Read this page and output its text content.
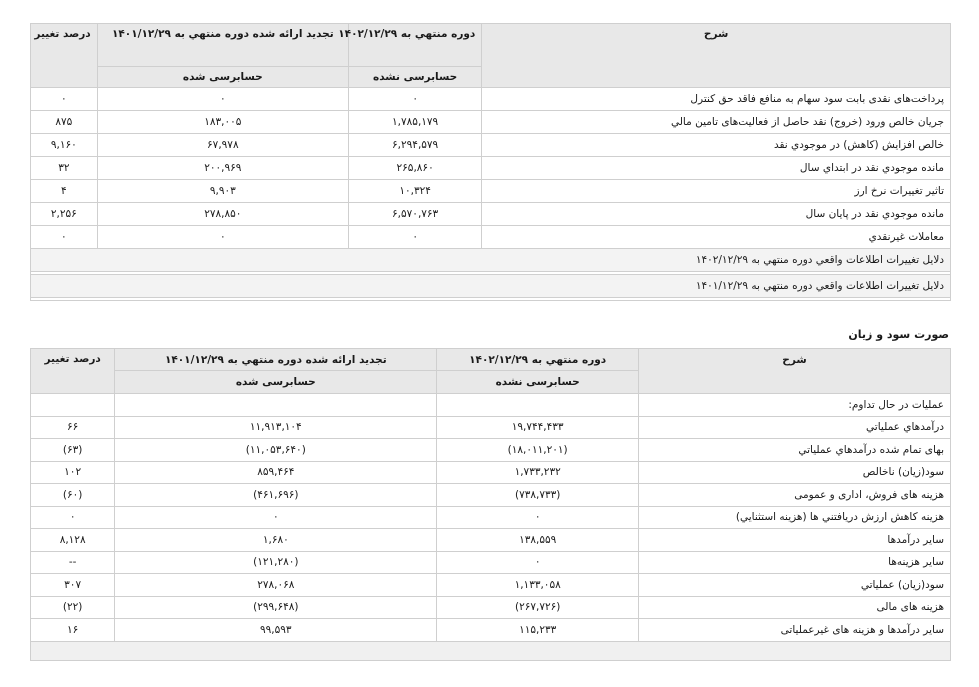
شرح	دوره منتهي به ۱۴۰۲/۱۲/۲۹	تجديد ارائه شده دوره منتهي به ۱۴۰۱/۱۲/۲۹	درصد تغيير
	حسابرسی نشده	حسابرسی شده	
پرداخت‌های نقدی بابت سود سهام به منافع فاقد حق کنترل	۰	۰	۰
جريان خالص ورود (خروج) نقد حاصل از فعاليت‌های تامين مالي	۱,۷۸۵,۱۷۹	۱۸۳,۰۰۵	۸۷۵
خالص افزايش (کاهش) در موجودي نقد	۶,۲۹۴,۵۷۹	۶۷,۹۷۸	۹,۱۶۰
مانده موجودي نقد در ابتداي سال	۲۶۵,۸۶۰	۲۰۰,۹۶۹	۳۲
تاثير تغييرات نرخ ارز	۱۰,۳۲۴	۹,۹۰۳	۴
مانده موجودي نقد در پايان سال	۶,۵۷۰,۷۶۳	۲۷۸,۸۵۰	۲,۲۵۶
معاملات غيرنقدي	۰	۰	۰
دلايل تغييرات اطلاعات واقعي دوره منتهي به ۱۴۰۲/۱۲/۲۹			

دلايل تغييرات اطلاعات واقعي دوره منتهي به ۱۴۰۱/۱۲/۲۹			

صورت سود و زیان
شرح	دوره منتهي به ۱۴۰۲/۱۲/۲۹	تجديد ارائه شده دوره منتهي به ۱۴۰۱/۱۲/۲۹	درصد تغيير
	حسابرسی نشده	حسابرسی شده	
عمليات در حال تداوم:			
درآمدهاي عملياتي	۱۹,۷۴۴,۴۳۳	۱۱,۹۱۳,۱۰۴	۶۶
بهاى تمام شده درآمدهاي عملياتي	(۱۸,۰۱۱,۲۰۱)	(۱۱,۰۵۳,۶۴۰)	(۶۳)
سود(زيان) ناخالص	۱,۷۳۳,۲۳۲	۸۵۹,۴۶۴	۱۰۲
هزينه هاى فروش، ادارى و عمومى	(۷۳۸,۷۳۳)	(۴۶۱,۶۹۶)	(۶۰)
هزينه کاهش ارزش دريافتني ها (هزينه استثنايي)	۰	۰	۰
ساير درآمدها	۱۳۸,۵۵۹	۱,۶۸۰	۸,۱۲۸
ساير هزينه‌ها	۰	(۱۲۱,۲۸۰)	--
سود(زيان) عملياتي	۱,۱۳۳,۰۵۸	۲۷۸,۰۶۸	۳۰۷
هزينه هاى مالى	(۲۶۷,۷۲۶)	(۲۹۹,۶۴۸)	(۲۲)
ساير درآمدها و هزينه هاى غيرعملياتى	۱۱۵,۲۳۳	۹۹,۵۹۳	۱۶
